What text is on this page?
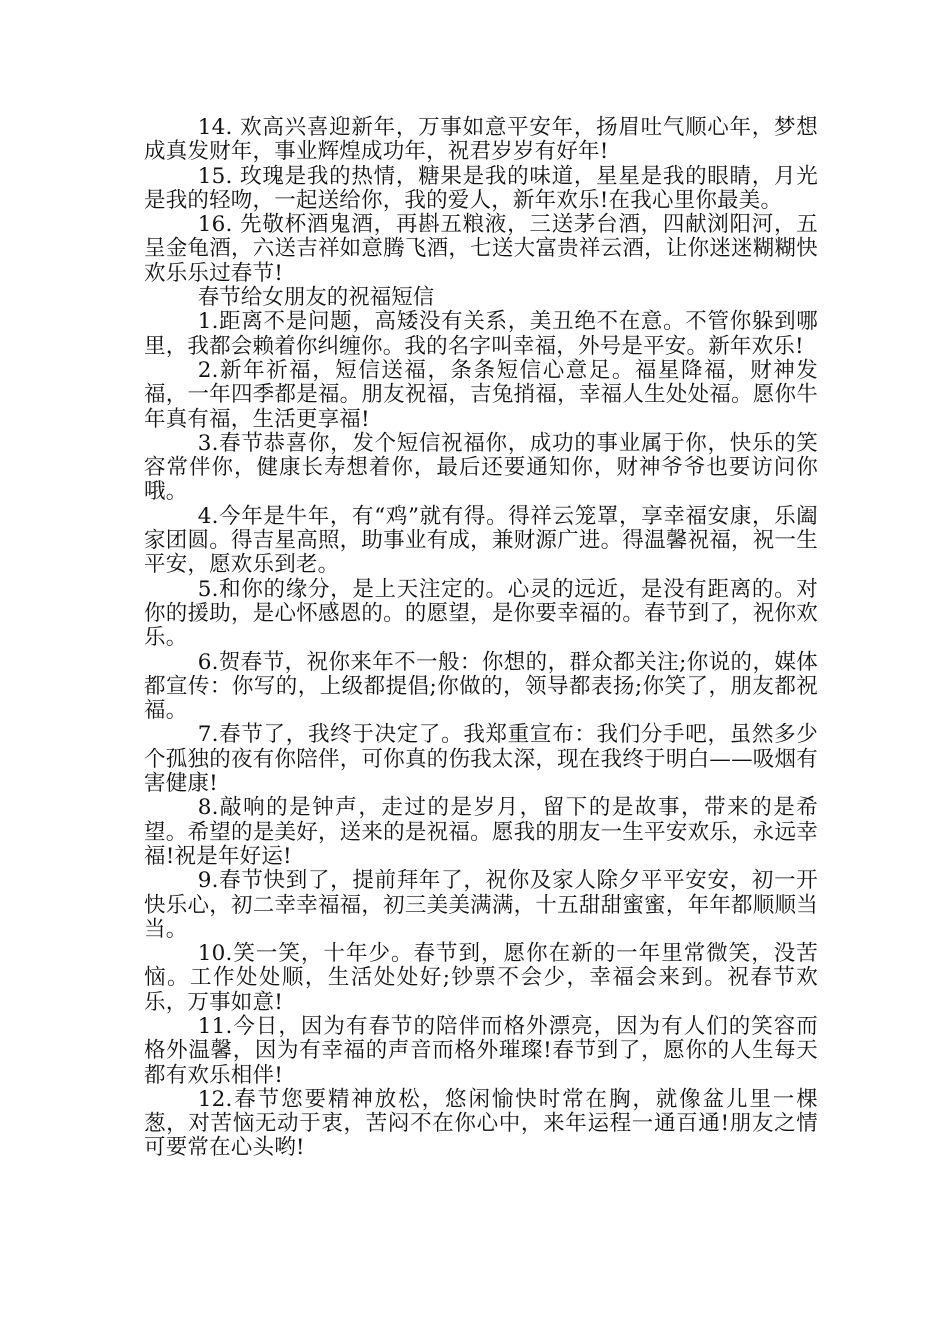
14. 欢高兴喜迎新年，万事如意平安年，扬眉吐气顺心年，梦想成真发财年，事业辉煌成功年，祝君岁岁有好年!

15. 玫瑰是我的热情，糖果是我的味道，星星是我的眼睛，月光是我的轻吻，一起送给你，我的爱人，新年欢乐!在我心里你最美。

16. 先敬杯酒鬼酒，再斟五粮液，三送茅台酒，四献浏阳河，五呈金龟酒，六送吉祥如意腾飞酒，七送大富贵祥云酒，让你迷迷糊糊快欢乐乐过春节!

春节给女朋友的祝福短信

1.距离不是问题，高矮没有关系，美丑绝不在意。不管你躲到哪里，我都会赖着你纠缠你。我的名字叫幸福，外号是平安。新年欢乐!

2.新年祈福，短信送福，条条短信心意足。福星降福，财神发福，一年四季都是福。朋友祝福，吉兔捎福，幸福人生处处福。愿你牛年真有福，生活更享福!

3.春节恭喜你，发个短信祝福你，成功的事业属于你，快乐的笑容常伴你，健康长寿想着你，最后还要通知你，财神爷爷也要访问你哦。

4.今年是牛年，有“鸡”就有得。得祥云笼罩，享幸福安康，乐阖家团圆。得吉星高照，助事业有成，兼财源广进。得温馨祝福，祝一生平安，愿欢乐到老。

5.和你的缘分，是上天注定的。心灵的远近，是没有距离的。对你的援助，是心怀感恩的。的愿望，是你要幸福的。春节到了，祝你欢乐。

6.贺春节，祝你来年不一般：你想的，群众都关注;你说的，媒体都宣传：你写的，上级都提倡;你做的，领导都表扬;你笑了，朋友都祝福。

7.春节了，我终于决定了。我郑重宣布：我们分手吧，虽然多少个孤独的夜有你陪伴，可你真的伤我太深，现在我终于明白——吸烟有害健康!

8.敲响的是钟声，走过的是岁月，留下的是故事，带来的是希望。希望的是美好，送来的是祝福。愿我的朋友一生平安欢乐，永远幸福!祝是年好运!

9.春节快到了，提前拜年了，祝你及家人除夕平平安安，初一开快乐心，初二幸幸福福，初三美美满满，十五甜甜蜜蜜，年年都顺顺当当。

10.笑一笑，十年少。春节到，愿你在新的一年里常微笑，没苦恼。工作处处顺，生活处处好;钞票不会少，幸福会来到。祝春节欢乐，万事如意!

11.今日，因为有春节的陪伴而格外漂亮，因为有人们的笑容而格外温馨，因为有幸福的声音而格外璀璨!春节到了，愿你的人生每天都有欢乐相伴!

12.春节您要精神放松，悠闲愉快时常在胸，就像盆儿里一棵葱，对苦恼无动于衷，苦闷不在你心中，来年运程一通百通!朋友之情可要常在心头哟!
